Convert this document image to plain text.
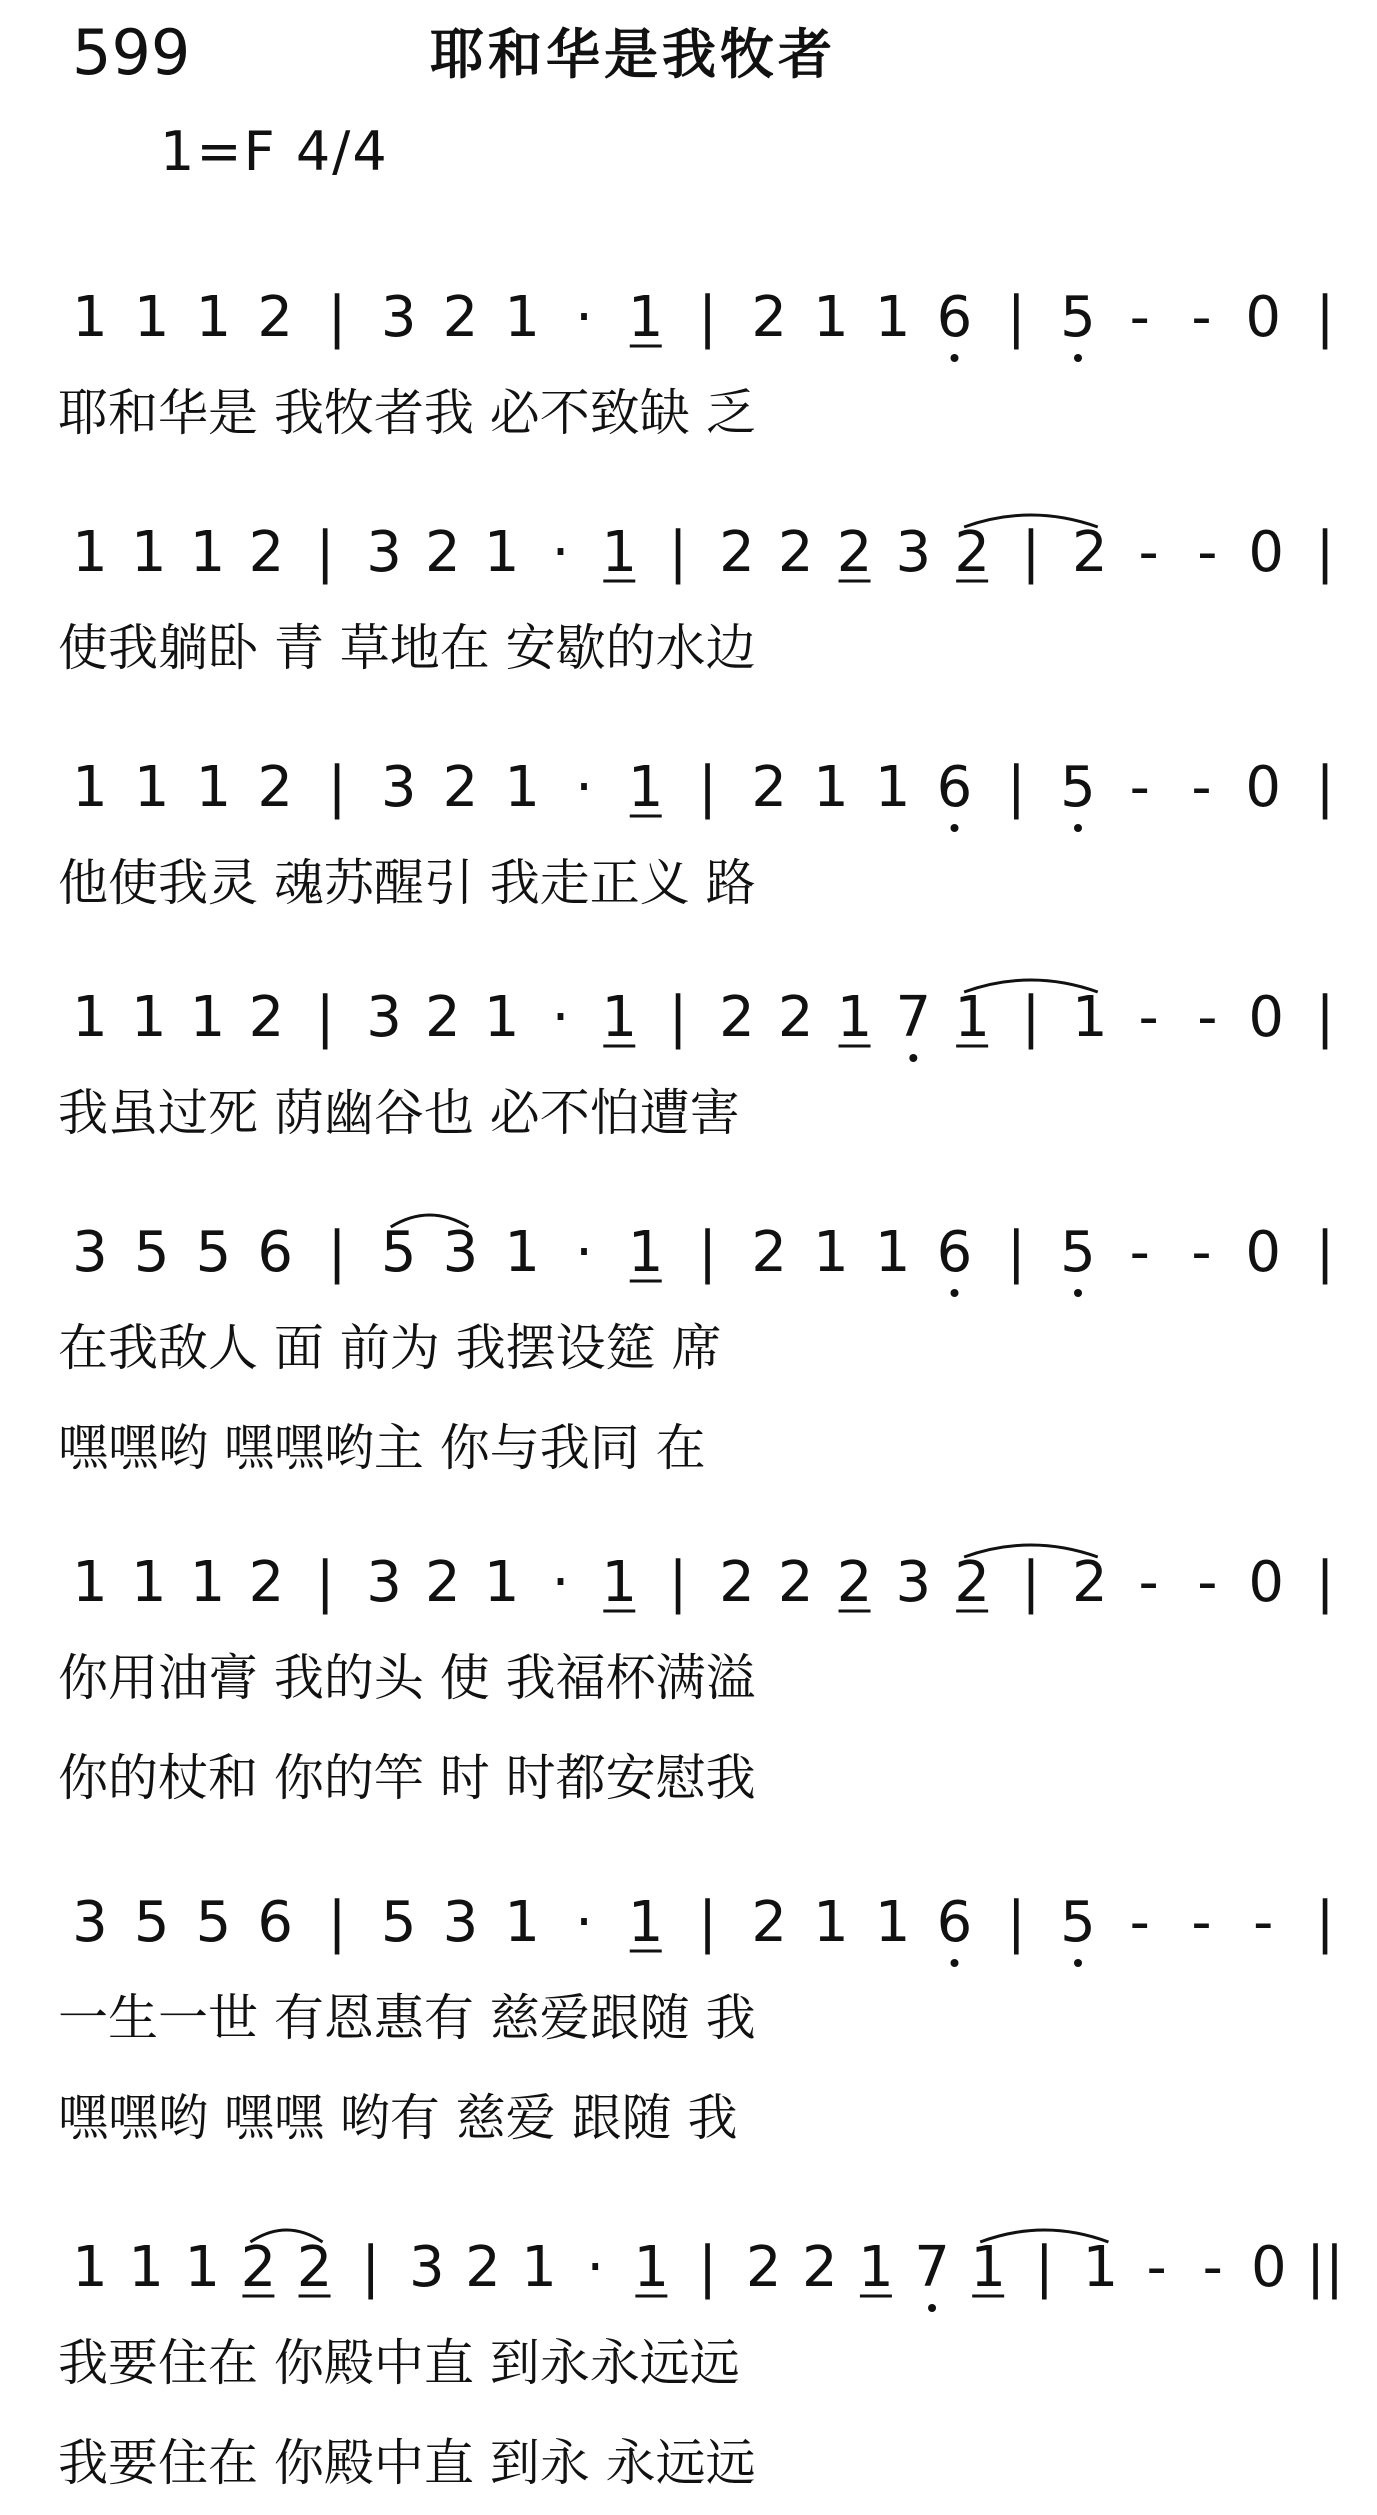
599	耶和华是我牧者
1=F 4/4
1 1 1 2 | 3 2 1 · 1 | 2 1 1 6 | 5 - - 0 |
耶和华是 我牧者我 必不致缺 乏
1 1 1 2 | 3 2 1 · 1 | 2 2 2 3 2 | 2 - - 0 |
使我躺卧 青 草地在 安歇的水边
1 1 1 2 | 3 2 1 · 1 | 2 1 1 6 | 5 - - 0 |
他使我灵 魂苏醒引 我走正义 路
1 1 1 2 | 3 2 1 · 1 | 2 2 1 7 1 | 1 - - 0 |
我虽过死 荫幽谷也 必不怕遭害
3 5 5 6 | 5 3 1 · 1 | 2 1 1 6 | 5 - - 0 |
在我敌人 面 前为 我摆设筵 席
嘿嘿哟 嘿嘿哟主 你与我同 在
1 1 1 2 | 3 2 1 · 1 | 2 2 2 3 2 | 2 - - 0 |
你用油膏 我的头 使 我福杯满溢
你的杖和 你的竿 时 时都安慰我
3 5 5 6 | 5 3 1 · 1 | 2 1 1 6 | 5 - - - |
一生一世 有恩惠有 慈爱跟随 我
嘿嘿哟 嘿嘿 哟有 慈爱 跟随 我
1 1 1 2 2 | 3 2 1 · 1 | 2 2 1 7 1 | 1 - - 0 ||
我要住在 你殿中直 到永永远远
我要住在 你殿中直 到永 永远远
